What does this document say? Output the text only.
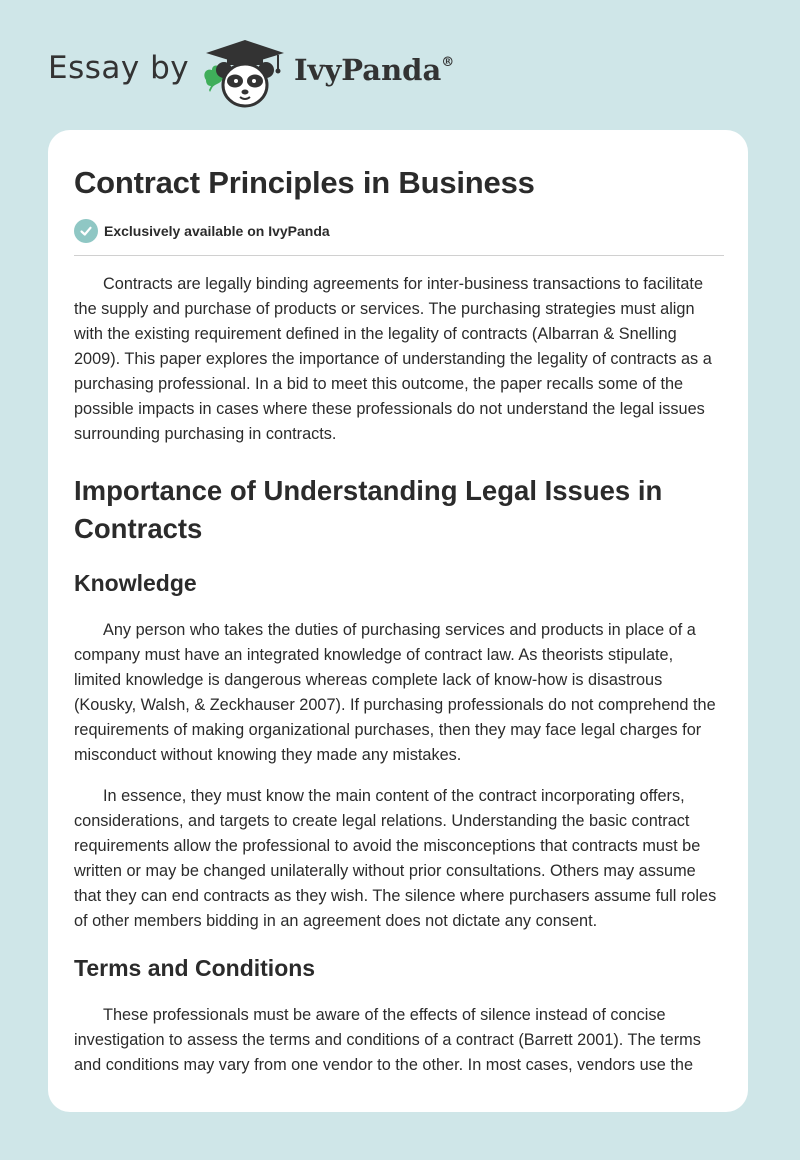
Essay by	IvyPanda®
Contract Principles in Business
Exclusively available on IvyPanda

Contracts are legally binding agreements for inter-business transactions to facilitate the supply and purchase of products or services. The purchasing strategies must align with the existing requirement defined in the legality of contracts (Albarran & Snelling 2009). This paper explores the importance of understanding the legality of contracts as a purchasing professional. In a bid to meet this outcome, the paper recalls some of the possible impacts in cases where these professionals do not understand the legal issues surrounding purchasing in contracts.

Importance of Understanding Legal Issues in Contracts
Knowledge

Any person who takes the duties of purchasing services and products in place of a company must have an integrated knowledge of contract law. As theorists stipulate, limited knowledge is dangerous whereas complete lack of know-how is disastrous (Kousky, Walsh, & Zeckhauser 2007). If purchasing professionals do not comprehend the requirements of making organizational purchases, then they may face legal charges for misconduct without knowing they made any mistakes.

In essence, they must know the main content of the contract incorporating offers, considerations, and targets to create legal relations. Understanding the basic contract requirements allow the professional to avoid the misconceptions that contracts must be written or may be changed unilaterally without prior consultations. Others may assume that they can end contracts as they wish. The silence where purchasers assume full roles of other members bidding in an agreement does not dictate any consent.

Terms and Conditions

These professionals must be aware of the effects of silence instead of concise investigation to assess the terms and conditions of a contract (Barrett 2001). The terms and conditions may vary from one vendor to the other. In most cases, vendors use the
